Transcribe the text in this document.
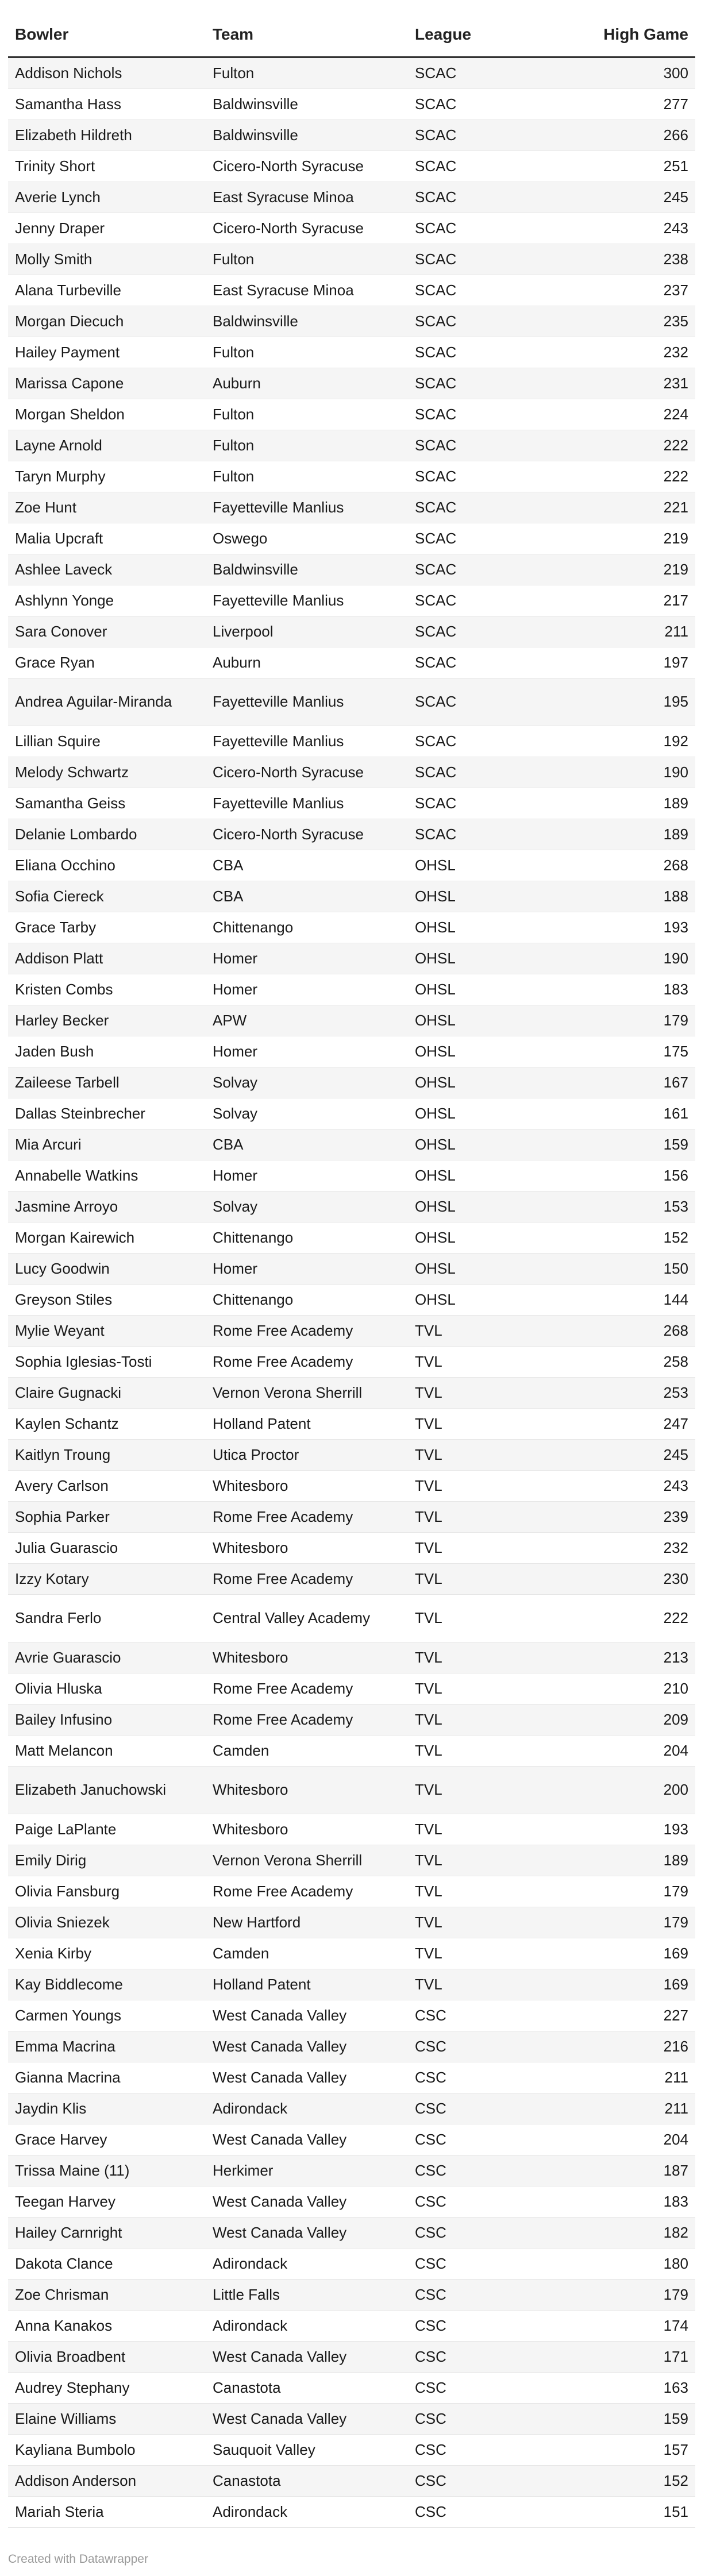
Bowler	Team	League	High Game
Addison Nichols	Fulton	SCAC	300
Samantha Hass	Baldwinsville	SCAC	277
Elizabeth Hildreth	Baldwinsville	SCAC	266
Trinity Short	Cicero-North Syracuse	SCAC	251
Averie Lynch	East Syracuse Minoa	SCAC	245
Jenny Draper	Cicero-North Syracuse	SCAC	243
Molly Smith	Fulton	SCAC	238
Alana Turbeville	East Syracuse Minoa	SCAC	237
Morgan Diecuch	Baldwinsville	SCAC	235
Hailey Payment	Fulton	SCAC	232
Marissa Capone	Auburn	SCAC	231
Morgan Sheldon	Fulton	SCAC	224
Layne Arnold	Fulton	SCAC	222
Taryn Murphy	Fulton	SCAC	222
Zoe Hunt	Fayetteville Manlius	SCAC	221
Malia Upcraft	Oswego	SCAC	219
Ashlee Laveck	Baldwinsville	SCAC	219
Ashlynn Yonge	Fayetteville Manlius	SCAC	217
Sara Conover	Liverpool	SCAC	211
Grace Ryan	Auburn	SCAC	197
Andrea Aguilar-Miranda	Fayetteville Manlius	SCAC	195
Lillian Squire	Fayetteville Manlius	SCAC	192
Melody Schwartz	Cicero-North Syracuse	SCAC	190
Samantha Geiss	Fayetteville Manlius	SCAC	189
Delanie Lombardo	Cicero-North Syracuse	SCAC	189
Eliana Occhino	CBA	OHSL	268
Sofia Ciereck	CBA	OHSL	188
Grace Tarby	Chittenango	OHSL	193
Addison Platt	Homer	OHSL	190
Kristen Combs	Homer	OHSL	183
Harley Becker	APW	OHSL	179
Jaden Bush	Homer	OHSL	175
Zaileese Tarbell	Solvay	OHSL	167
Dallas Steinbrecher	Solvay	OHSL	161
Mia Arcuri	CBA	OHSL	159
Annabelle Watkins	Homer	OHSL	156
Jasmine Arroyo	Solvay	OHSL	153
Morgan Kairewich	Chittenango	OHSL	152
Lucy Goodwin	Homer	OHSL	150
Greyson Stiles	Chittenango	OHSL	144
Mylie Weyant	Rome Free Academy	TVL	268
Sophia Iglesias-Tosti	Rome Free Academy	TVL	258
Claire Gugnacki	Vernon Verona Sherrill	TVL	253
Kaylen Schantz	Holland Patent	TVL	247
Kaitlyn Troung	Utica Proctor	TVL	245
Avery Carlson	Whitesboro	TVL	243
Sophia Parker	Rome Free Academy	TVL	239
Julia Guarascio	Whitesboro	TVL	232
Izzy Kotary	Rome Free Academy	TVL	230
Sandra Ferlo	Central Valley Academy	TVL	222
Avrie Guarascio	Whitesboro	TVL	213
Olivia Hluska	Rome Free Academy	TVL	210
Bailey Infusino	Rome Free Academy	TVL	209
Matt Melancon	Camden	TVL	204
Elizabeth Januchowski	Whitesboro	TVL	200
Paige LaPlante	Whitesboro	TVL	193
Emily Dirig	Vernon Verona Sherrill	TVL	189
Olivia Fansburg	Rome Free Academy	TVL	179
Olivia Sniezek	New Hartford	TVL	179
Xenia Kirby	Camden	TVL	169
Kay Biddlecome	Holland Patent	TVL	169
Carmen Youngs	West Canada Valley	CSC	227
Emma Macrina	West Canada Valley	CSC	216
Gianna Macrina	West Canada Valley	CSC	211
Jaydin Klis	Adirondack	CSC	211
Grace Harvey	West Canada Valley	CSC	204
Trissa Maine (11)	Herkimer	CSC	187
Teegan Harvey	West Canada Valley	CSC	183
Hailey Carnright	West Canada Valley	CSC	182
Dakota Clance	Adirondack	CSC	180
Zoe Chrisman	Little Falls	CSC	179
Anna Kanakos	Adirondack	CSC	174
Olivia Broadbent	West Canada Valley	CSC	171
Audrey Stephany	Canastota	CSC	163
Elaine Williams	West Canada Valley	CSC	159
Kayliana Bumbolo	Sauquoit Valley	CSC	157
Addison Anderson	Canastota	CSC	152
Mariah Steria	Adirondack	CSC	151
Created with Datawrapper
